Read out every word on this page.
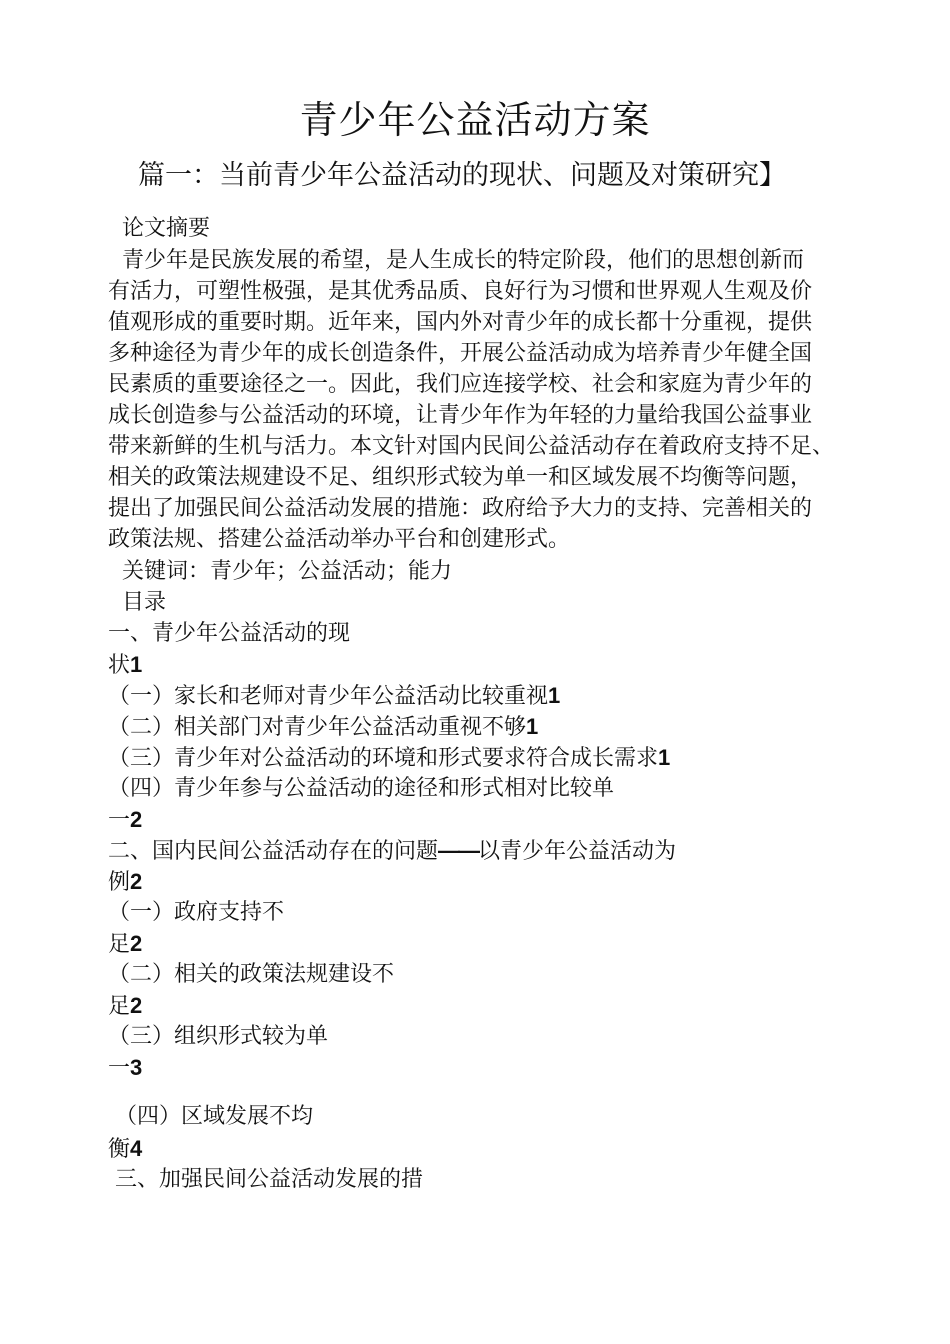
青少年公益活动方案
篇一：当前青少年公益活动的现状、问题及对策研究】
论文摘要
青少年是民族发展的希望，是人生成长的特定阶段，他们的思想创新而
有活力，可塑性极强，是其优秀品质、良好行为习惯和世界观人生观及价
值观形成的重要时期。近年来，国内外对青少年的成长都十分重视，提供
多种途径为青少年的成长创造条件，开展公益活动成为培养青少年健全国
民素质的重要途径之一。因此，我们应连接学校、社会和家庭为青少年的
成长创造参与公益活动的环境，让青少年作为年轻的力量给我国公益事业
带来新鲜的生机与活力。本文针对国内民间公益活动存在着政府支持不足、
相关的政策法规建设不足、组织形式较为单一和区域发展不均衡等问题，
提出了加强民间公益活动发展的措施：政府给予大力的支持、完善相关的
政策法规、搭建公益活动举办平台和创建形式。
关键词：青少年；公益活动；能力
目录
一、青少年公益活动的现
状1
（一）家长和老师对青少年公益活动比较重视1
（二）相关部门对青少年公益活动重视不够1
（三）青少年对公益活动的环境和形式要求符合成长需求1
（四）青少年参与公益活动的途径和形式相对比较单
一2
二、国内民间公益活动存在的问题——以青少年公益活动为
例2
（一）政府支持不
足2
（二）相关的政策法规建设不
足2
（三）组织形式较为单
一3
（四）区域发展不均
衡4
三、加强民间公益活动发展的措
